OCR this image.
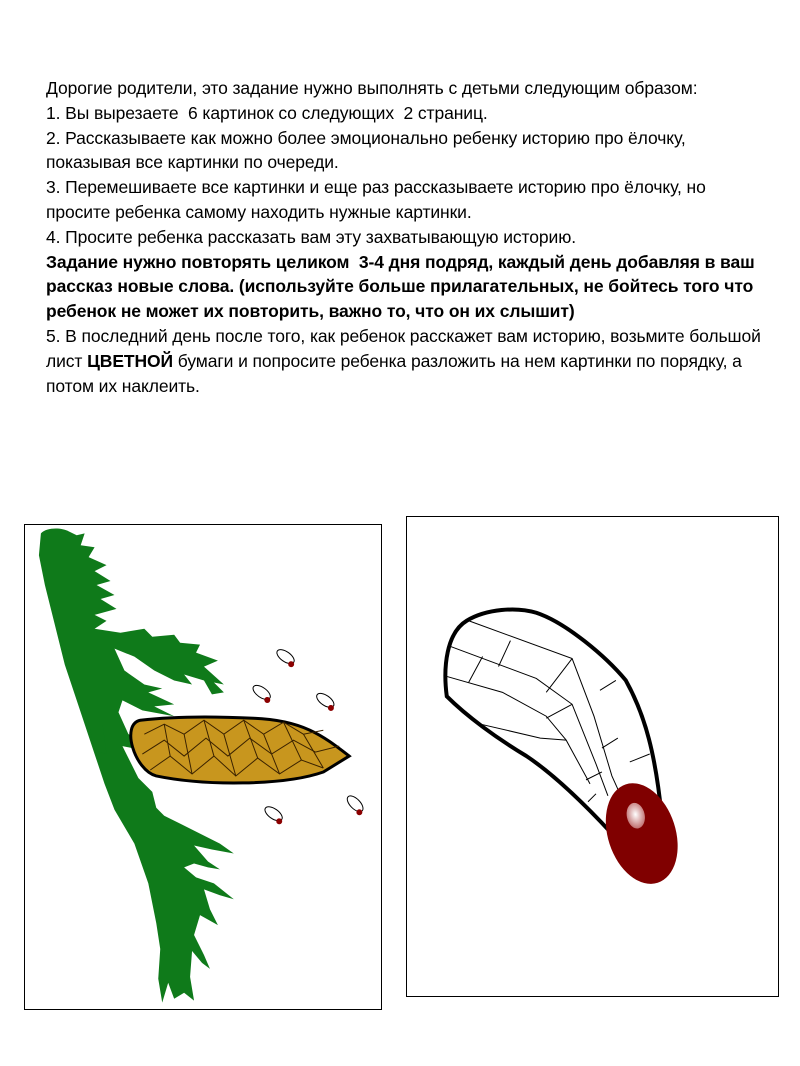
Дорогие родители, это задание нужно выполнять с детьми следующим образом:

1. Вы вырезаете  6 картинок со следующих  2 страниц.

2. Рассказываете как можно более эмоционально ребенку историю про ёлочку, показывая все картинки по очереди.

3. Перемешиваете все картинки и еще раз рассказываете историю про ёлочку, но просите ребенка самому находить нужные картинки.

4. Просите ребенка рассказать вам эту захватывающую историю.

Задание нужно повторять целиком  3-4 дня подряд, каждый день добавляя в ваш рассказ новые слова. (используйте больше прилагательных, не бойтесь того что ребенок не может их повторить, важно то, что он их слышит)

5. В последний день после того, как ребенок расскажет вам историю, возьмите большой лист ЦВЕТНОЙ бумаги и попросите ребенка разложить на нем картинки по порядку, а потом их наклеить.
